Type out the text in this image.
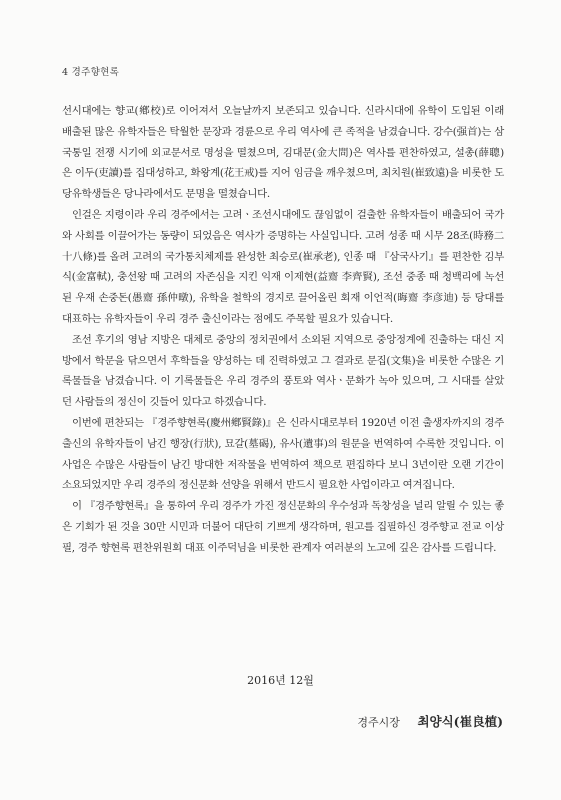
4 경주향현록

선시대에는 향교(鄕校)로 이어져서 오늘날까지 보존되고 있습니다. 신라시대에 유학이 도입된 이래 배출된 많은 유학자들은 탁월한 문장과 경륜으로 우리 역사에 큰 족적을 남겼습니다. 강수(强首)는 삼국통일 전쟁 시기에 외교문서로 명성을 떨쳤으며, 김대문(金大問)은 역사를 편찬하였고, 설총(薛聰)은 이두(吏讀)를 집대성하고, 화왕계(花王戒)를 지어 임금을 깨우쳤으며, 최치원(崔致遠)을 비롯한 도당유학생들은 당나라에서도 문명을 떨쳤습니다.

인걸은 지령이라 우리 경주에서는 고려ㆍ조선시대에도 끊임없이 걸출한 유학자들이 배출되어 국가와 사회를 이끌어가는 동량이 되었음은 역사가 증명하는 사실입니다. 고려 성종 때 시무 28조(時務二十八條)를 올려 고려의 국가통치체제를 완성한 최승로(崔承老), 인종 때 『삼국사기』를 편찬한 김부식(金富軾), 충선왕 때 고려의 자존심을 지킨 익재 이제현(益齋 李齊賢), 조선 중종 때 청백리에 녹선된 우재 손중돈(愚齋 孫仲暾), 유학을 철학의 경지로 끌어올린 회재 이언적(晦齋 李彦迪) 등 당대를 대표하는 유학자들이 우리 경주 출신이라는 점에도 주목할 필요가 있습니다.

조선 후기의 영남 지방은 대체로 중앙의 정치권에서 소외된 지역으로 중앙정계에 진출하는 대신 지방에서 학문을 닦으면서 후학들을 양성하는 데 진력하였고 그 결과로 문집(文集)을 비롯한 수많은 기록물들을 남겼습니다. 이 기록물들은 우리 경주의 풍토와 역사ㆍ문화가 녹아 있으며, 그 시대를 살았던 사람들의 정신이 깃들어 있다고 하겠습니다.

이번에 편찬되는 『경주향현록(慶州鄕賢錄)』은 신라시대로부터 1920년 이전 출생자까지의 경주 출신의 유학자들이 남긴 행장(行狀), 묘갈(墓碣), 유사(遺事)의 원문을 번역하여 수록한 것입니다. 이 사업은 수많은 사람들이 남긴 방대한 저작물을 번역하여 책으로 편집하다 보니 3년이란 오랜 기간이 소요되었지만 우리 경주의 정신문화 선양을 위해서 반드시 필요한 사업이라고 여겨집니다.

이 『경주향현록』을 통하여 우리 경주가 가진 정신문화의 우수성과 독창성을 널리 알릴 수 있는 좋은 기회가 된 것을 30만 시민과 더불어 대단히 기쁘게 생각하며, 원고를 집필하신 경주향교 전교 이상필, 경주 향현록 편찬위원회 대표 이주덕님을 비롯한 관계자 여러분의 노고에 깊은 감사를 드립니다.

2016년 12월
경주시장 최양식(崔良植)
